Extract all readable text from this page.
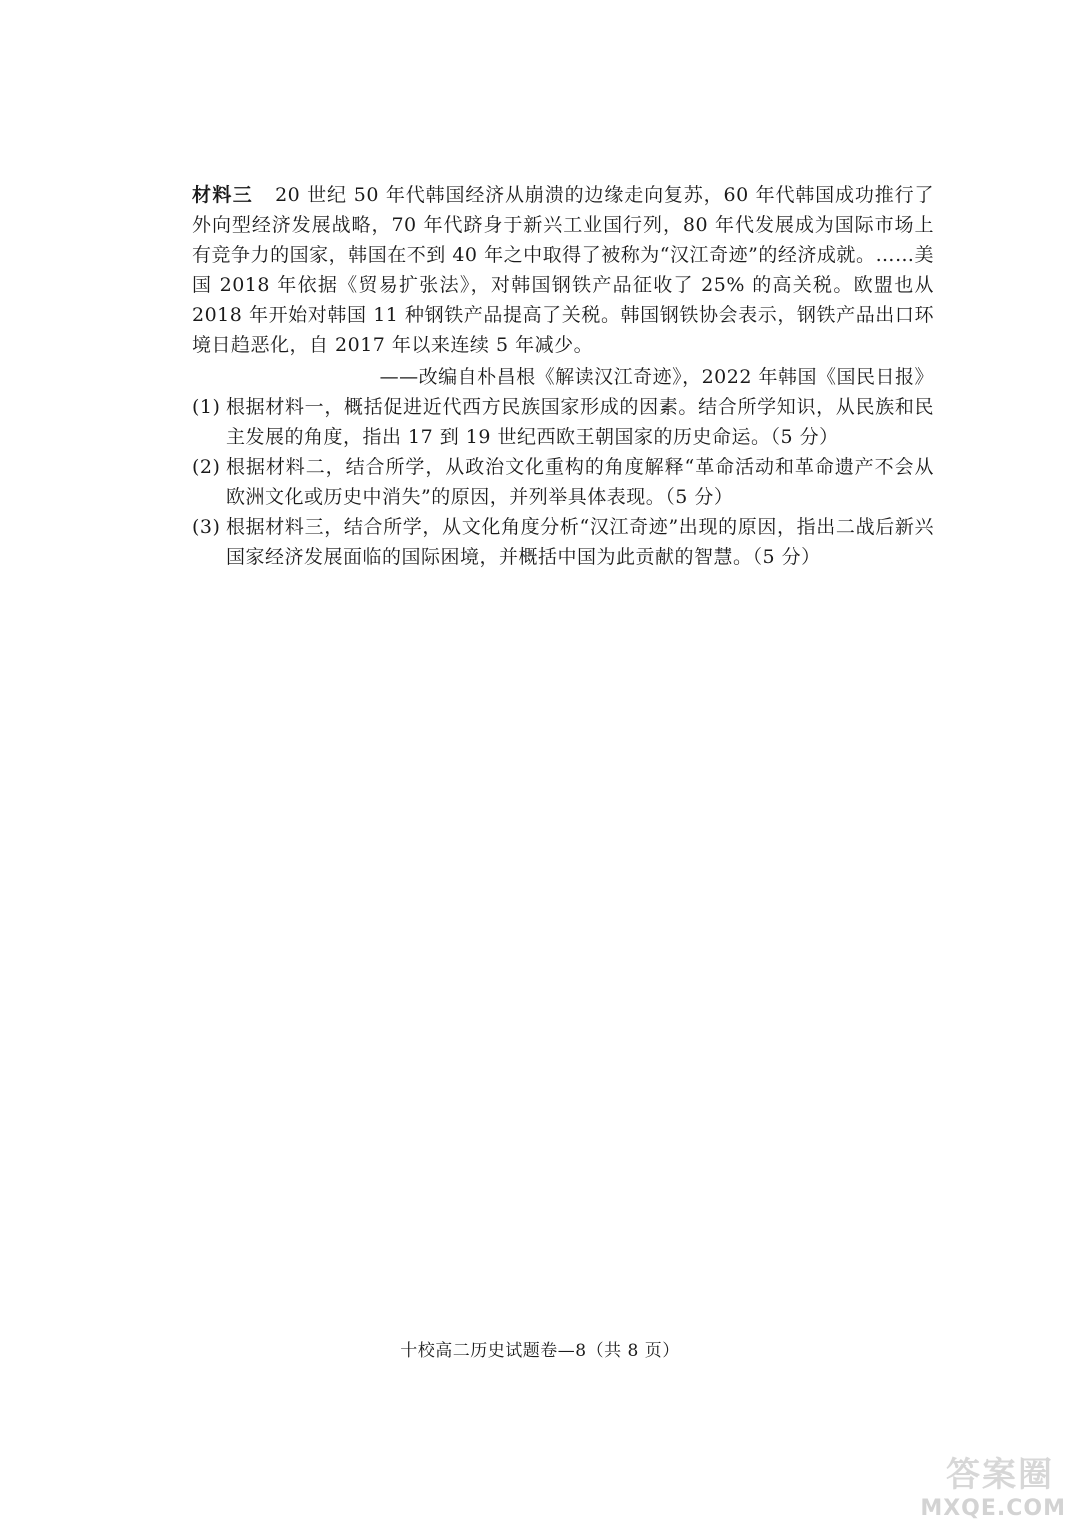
材料三 20 世纪 50 年代韩国经济从崩溃的边缘走向复苏，60 年代韩国成功推行了外向型经济发展战略，70 年代跻身于新兴工业国行列，80 年代发展成为国际市场上有竞争力的国家，韩国在不到 40 年之中取得了被称为“汉江奇迹”的经济成就。……美国 2018 年依据《贸易扩张法》，对韩国钢铁产品征收了 25% 的高关税。欧盟也从 2018 年开始对韩国 11 种钢铁产品提高了关税。韩国钢铁协会表示，钢铁产品出口环境日趋恶化，自 2017 年以来连续 5 年减少。
——改编自朴昌根《解读汉江奇迹》，2022 年韩国《国民日报》
(1) 根据材料一，概括促进近代西方民族国家形成的因素。结合所学知识，从民族和民主发展的角度，指出 17 到 19 世纪西欧王朝国家的历史命运。（5 分）
(2) 根据材料二，结合所学，从政治文化重构的角度解释“革命活动和革命遗产不会从欧洲文化或历史中消失”的原因，并列举具体表现。（5 分）
(3) 根据材料三，结合所学，从文化角度分析“汉江奇迹”出现的原因，指出二战后新兴国家经济发展面临的国际困境，并概括中国为此贡献的智慧。（5 分）
十校高二历史试题卷—8（共 8 页）
答案圈
MXQE.COM
